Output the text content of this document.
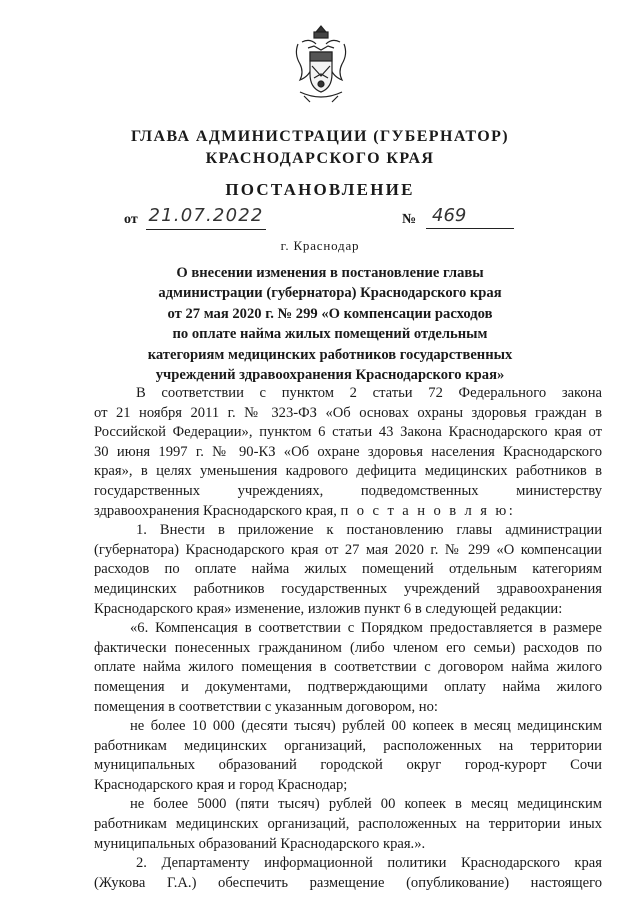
ГЛАВА АДМИНИСТРАЦИИ (ГУБЕРНАТОР)
КРАСНОДАРСКОГО КРАЯ
ПОСТАНОВЛЕНИЕ
от 21.07.2022	№ 469
г. Краснодар
О внесении изменения в постановление главы
администрации (губернатора) Краснодарского края
от 27 мая 2020 г. № 299 «О компенсации расходов
по оплате найма жилых помещений отдельным
категориям медицинских работников государственных
учреждений здравоохранения Краснодарского края»
В соответствии с пунктом 2 статьи 72 Федерального закона
от 21 ноября 2011 г. № 323-ФЗ «Об основах охраны здоровья граждан в
Российской Федерации», пунктом 6 статьи 43 Закона Краснодарского края от
30 июня 1997 г. № 90-КЗ «Об охране здоровья населения Краснодарского
края», в целях уменьшения кадрового дефицита медицинских работников в
государственных учреждениях, подведомственных министерству
здравоохранения Краснодарского края, п о с т а н о в л я ю:
1. Внести в приложение к постановлению главы администрации
(губернатора) Краснодарского края от 27 мая 2020 г. № 299 «О компенсации
расходов по оплате найма жилых помещений отдельным категориям
медицинских работников государственных учреждений здравоохранения
Краснодарского края» изменение, изложив пункт 6 в следующей редакции:
«6. Компенсация в соответствии с Порядком предоставляется в размере
фактически понесенных гражданином (либо членом его семьи) расходов по
оплате найма жилого помещения в соответствии с договором найма жилого
помещения и документами, подтверждающими оплату найма жилого
помещения в соответствии с указанным договором, но:
не более 10 000 (десяти тысяч) рублей 00 копеек в месяц медицинским
работникам медицинских организаций, расположенных на территории
муниципальных образований городской округ город-курорт Сочи
Краснодарского края и город Краснодар;
не более 5000 (пяти тысяч) рублей 00 копеек в месяц медицинским
работникам медицинских организаций, расположенных на территории иных
муниципальных образований Краснодарского края.».
2. Департаменту информационной политики Краснодарского края
(Жукова Г.А.) обеспечить размещение (опубликование) настоящего
